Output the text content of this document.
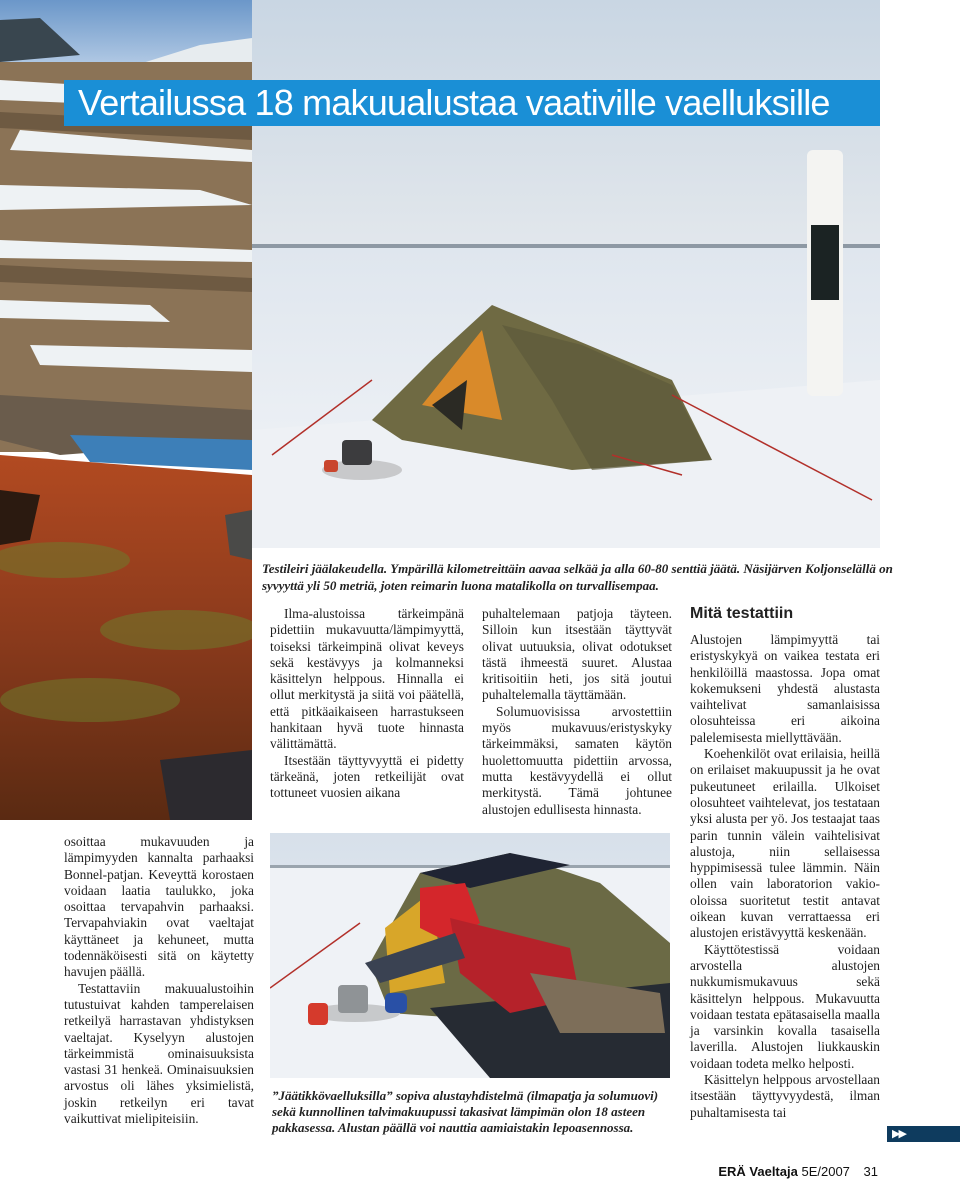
Vertailussa 18 makuualustaa vaativille vaelluksille
Testileiri jäälakeudella. Ympärillä kilometreittäin aavaa selkää ja alla 60-80 senttiä jäätä. Näsijärven Koljonselällä on syvyyttä yli 50 metriä, joten reimarin luona matalikolla on turvallisempaa.
”Jäätikkövaelluksilla” sopiva alustayhdistelmä (ilmapatja ja solumuovi) sekä kunnollinen talvimakuupussi takasivat lämpimän olon 18 asteen pakkasessa. Alustan päällä voi nauttia aamiaistakin lepoasennossa.

osoittaa mukavuuden ja lämpimyyden kannalta parhaaksi Bonnel-patjan. Keveyttä korostaen voidaan laatia taulukko, joka osoittaa tervapahvin parhaaksi. Tervapahviakin ovat vaeltajat käyttäneet ja kehuneet, mutta todennäköisesti sitä on käytetty havujen päällä.

Testattaviin makuualustoihin tutustuivat kahden tamperelaisen retkeilyä harrastavan yhdistyksen vaeltajat. Kyselyyn alustojen tärkeimmistä ominaisuuksista vastasi 31 henkeä. Ominaisuuksien arvostus oli lähes yksimielistä, joskin retkeilyn eri tavat vaikuttivat mielipiteisiin.

Ilma-alustoissa tärkeimpänä pidettiin mukavuutta/lämpimyyttä, toiseksi tärkeimpinä olivat keveys sekä kestävyys ja kolmanneksi käsittelyn helppous. Hinnalla ei ollut merkitystä ja siitä voi päätellä, että pitkäaikaiseen harrastukseen hankitaan hyvä tuote hinnasta välittämättä.

Itsestään täyttyvyyttä ei pidetty tärkeänä, joten retkeilijät ovat tottuneet vuosien aikana

puhaltelemaan patjoja täyteen. Silloin kun itsestään täyttyvät olivat uutuuksia, olivat odotukset tästä ihmeestä suuret. Alustaa kritisoitiin heti, jos sitä joutui puhaltelemalla täyttämään.

Solumuovisissa arvostettiin myös mukavuus/eristyskyky tärkeimmäksi, samaten käytön huolettomuutta pidettiin arvossa, mutta kestävyydellä ei ollut merkitystä. Tämä johtunee alustojen edullisesta hinnasta.

Mitä testattiin

Alustojen lämpimyyttä tai eristyskykyä on vaikea testata eri henkilöillä maastossa. Jopa omat kokemukseni yhdestä alustasta vaihtelivat samanlaisissa olosuhteissa eri aikoina palelemisesta miellyttävään.

Koehenkilöt ovat erilaisia, heillä on erilaiset makuupussit ja he ovat pukeutuneet erilailla. Ulkoiset olosuhteet vaihtelevat, jos testataan yksi alusta per yö. Jos testaajat taas parin tunnin välein vaihtelisivat alustoja, niin sellaisessa hyppimisessä tulee lämmin. Näin ollen vain laboratorion vakio-oloissa suoritetut testit antavat oikean kuvan verrattaessa eri alustojen eristävyyttä keskenään.

Käyttötestissä voidaan arvostella alustojen nukkumismukavuus sekä käsittelyn helppous. Mukavuutta voidaan testata epätasaisella maalla ja varsinkin kovalla tasaisella laverilla. Alustojen liukkauskin voidaan todeta melko helposti.

Käsittelyn helppous arvostellaan itsestään täyttyvyydestä, ilman puhaltamisesta tai

▶▶
ERÄ Vaeltaja 5E/2007 31
